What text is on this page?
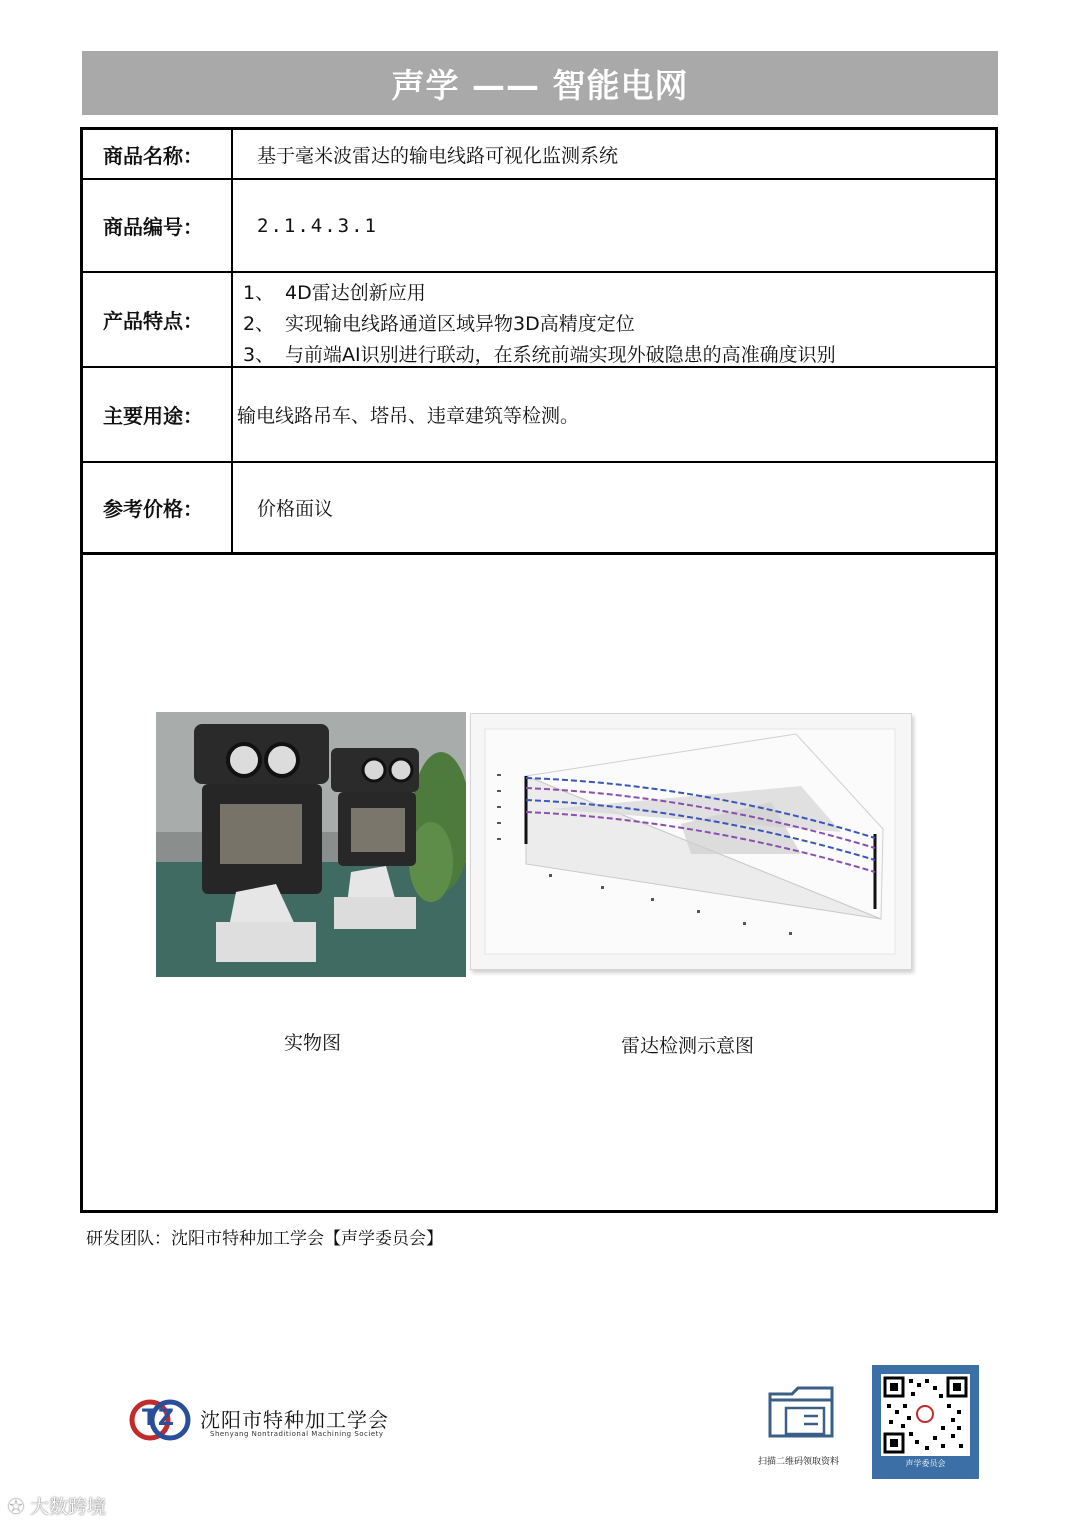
声学 —— 智能电网
商品名称：	基于毫米波雷达的输电线路可视化监测系统
商品编号：	2.1.4.3.1
产品特点：
1、 4D雷达创新应用
2、 实现输电线路通道区域异物3D高精度定位
3、 与前端AI识别进行联动，在系统前端实现外破隐患的高准确度识别
主要用途：	输电线路吊车、塔吊、违章建筑等检测。
参考价格：	价格面议
实物图	雷达检测示意图
研发团队：沈阳市特种加工学会【声学委员会】
TZ 沈阳市特种加工学会
Shenyang Nontraditional Machining Society
扫描二维码领取资料	声学委员会
✪ 大数跨境
